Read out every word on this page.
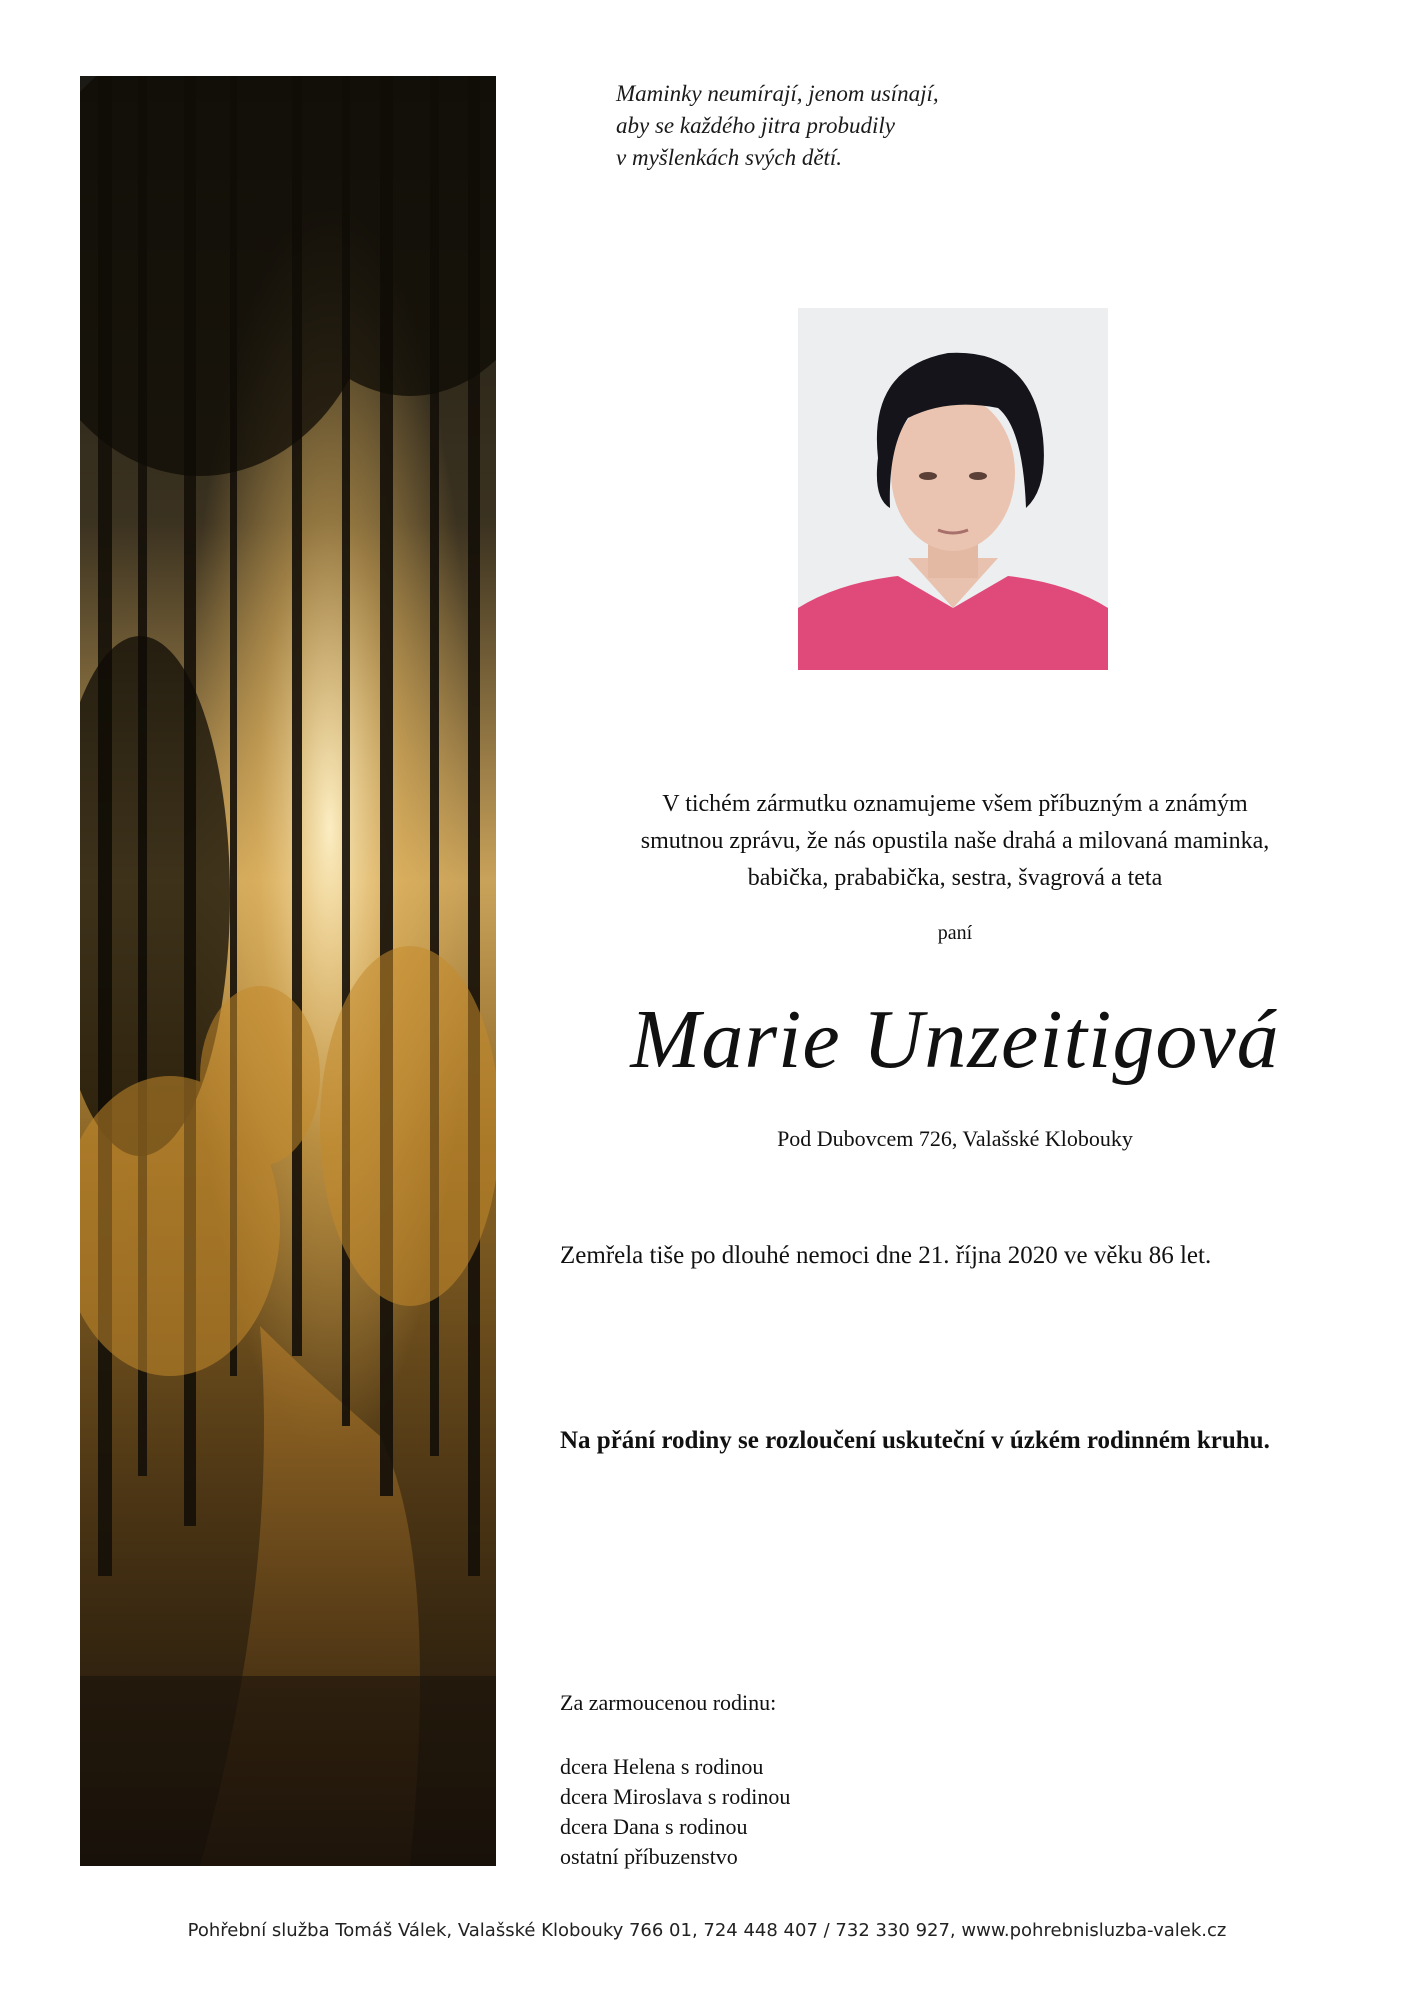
Maminky neumírají, jenom usínají,
aby se každého jitra probudily
v myšlenkách svých dětí.
V tichém zármutku oznamujeme všem příbuzným a známým
smutnou zprávu, že nás opustila naše drahá a milovaná maminka,
babička, prababička, sestra, švagrová a teta
paní
Marie Unzeitigová
Pod Dubovcem 726, Valašské Klobouky
Zemřela tiše po dlouhé nemoci dne 21. října 2020 ve věku 86 let.
Na přání rodiny se rozloučení uskuteční v úzkém rodinném kruhu.
Za zarmoucenou rodinu:
dcera Helena s rodinou
dcera Miroslava s rodinou
dcera Dana s rodinou
ostatní příbuzenstvo
Pohřební služba Tomáš Válek, Valašské Klobouky 766 01, 724 448 407 / 732 330 927, www.pohrebnisluzba-valek.cz
